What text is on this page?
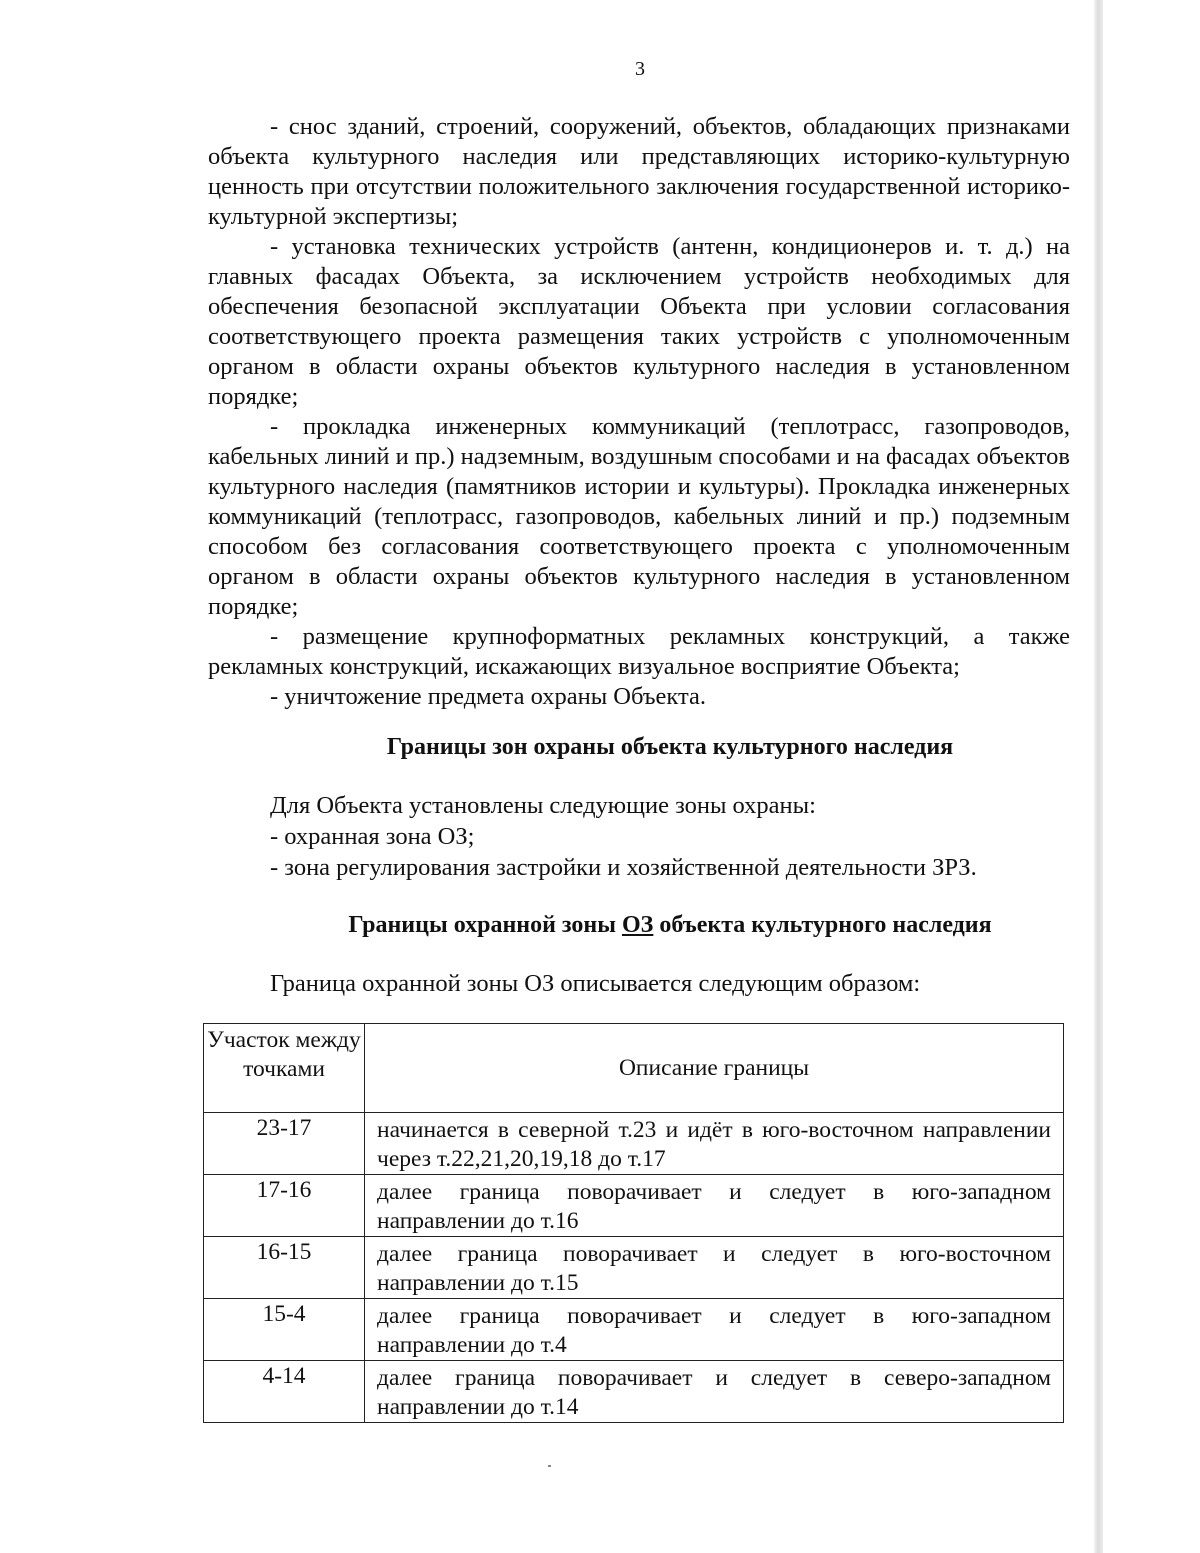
3

- снос зданий, строений, сооружений, объектов, обладающих признаками объекта культурного наследия или представляющих историко-культурную ценность при отсутствии положительного заключения государственной историко- культурной экспертизы;

- установка технических устройств (антенн, кондиционеров и. т. д.) на главных фасадах Объекта, за исключением устройств необходимых для обеспечения безопасной эксплуатации Объекта при условии согласования соответствующего проекта размещения таких устройств с уполномоченным органом в области охраны объектов культурного наследия в установленном порядке;

- прокладка инженерных коммуникаций (теплотрасс, газопроводов, кабельных линий и пр.) надземным, воздушным способами и на фасадах объектов культурного наследия (памятников истории и культуры). Прокладка инженерных коммуникаций (теплотрасс, газопроводов, кабельных линий и пр.) подземным способом без согласования соответствующего проекта с уполномоченным органом в области охраны объектов культурного наследия в установленном порядке;

- размещение крупноформатных рекламных конструкций, а также рекламных конструкций, искажающих визуальное восприятие Объекта;

- уничтожение предмета охраны Объекта.

Границы зон охраны объекта культурного наследия

Для Объекта установлены следующие зоны охраны:

- охранная зона ОЗ;

- зона регулирования застройки и хозяйственной деятельности ЗРЗ.

Границы охранной зоны ОЗ объекта культурного наследия
Граница охранной зоны ОЗ описывается следующим образом:
Участок между точками	Описание границы
23-17	начинается в северной т.23 и идёт в юго-восточном направлении через т.22,21,20,19,18 до т.17
17-16	далее граница поворачивает и следует в юго-западном направлении до т.16
16-15	далее граница поворачивает и следует в юго-восточном направлении до т.15
15-4	далее граница поворачивает и следует в юго-западном направлении до т.4
4-14	далее граница поворачивает и следует в северо-западном направлении до т.14
